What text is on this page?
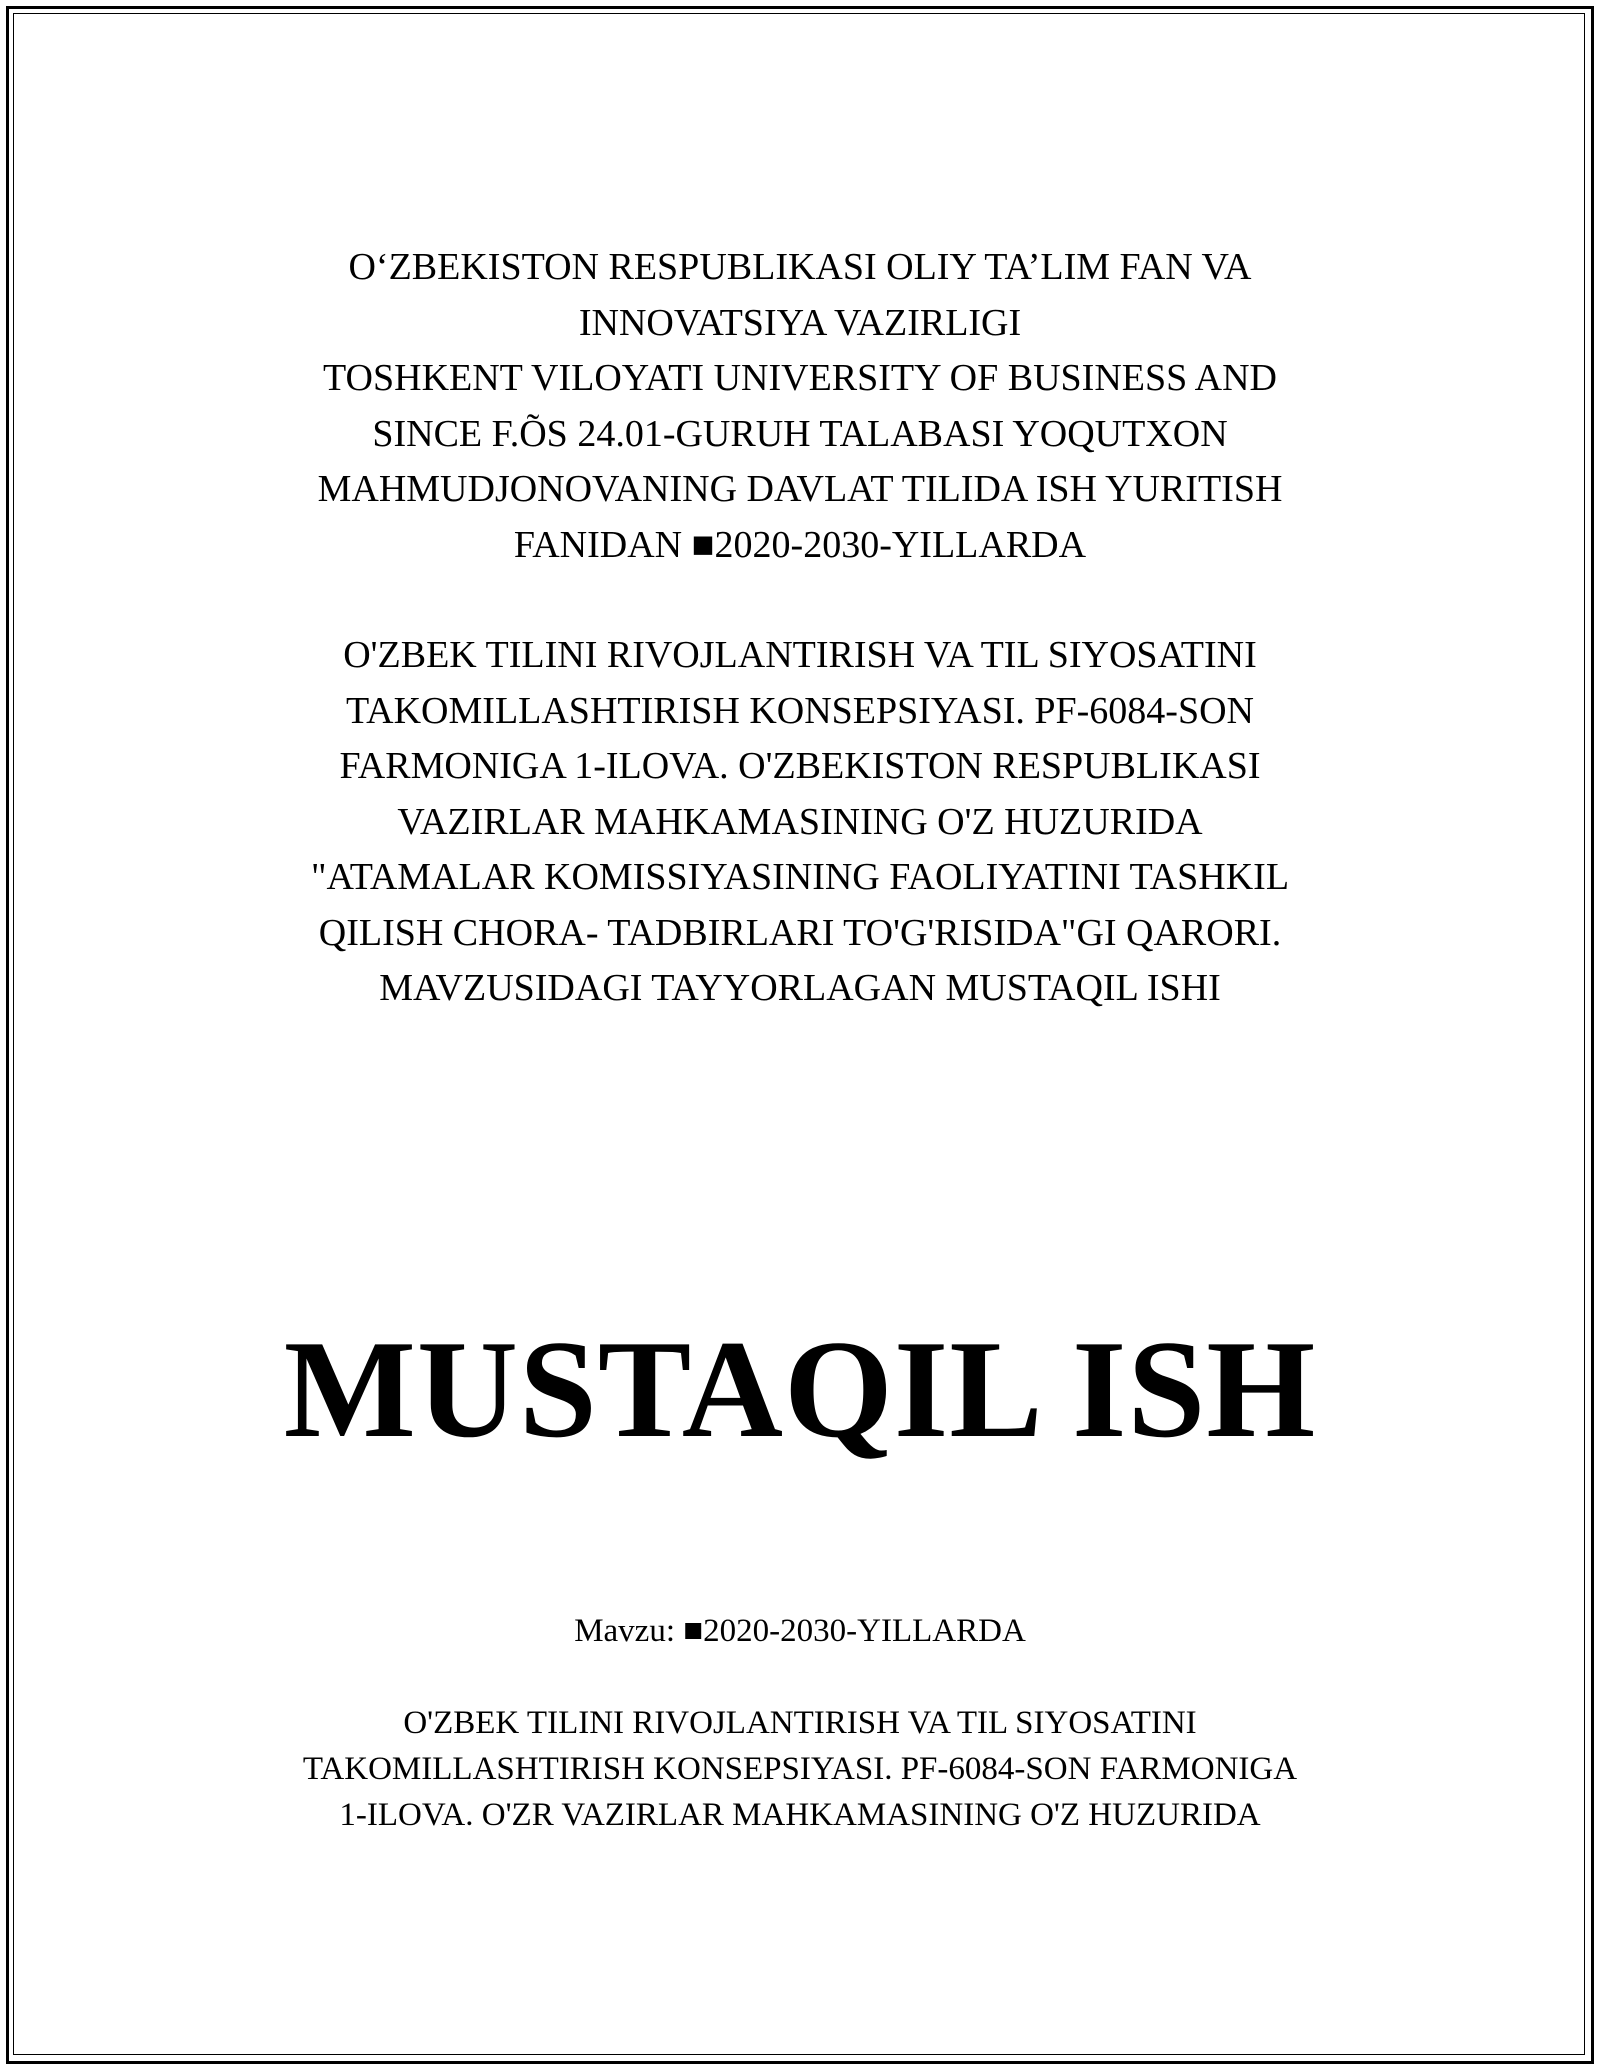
O‘ZBEKISTON RESPUBLIKASI OLIY TA’LIM FAN VA
INNOVATSIYA VAZIRLIGI
TOSHKENT VILOYATI UNIVERSITY OF BUSINESS AND
SINCE F.ÕS 24.01-GURUH TALABASI YOQUTXON
MAHMUDJONOVANING DAVLAT TILIDA ISH YURITISH
FANIDAN ■2020-2030-YILLARDA
O'ZBEK TILINI RIVOJLANTIRISH VA TIL SIYOSATINI
TAKOMILLASHTIRISH KONSEPSIYASI. PF-6084-SON
FARMONIGA 1-ILOVA. O'ZBEKISTON RESPUBLIKASI
VAZIRLAR MAHKAMASINING O'Z HUZURIDA
"ATAMALAR KOMISSIYASINING FAOLIYATINI TASHKIL
QILISH CHORA- TADBIRLARI TO'G'RISIDA"GI QARORI.
MAVZUSIDAGI TAYYORLAGAN MUSTAQIL ISHI
MUSTAQIL ISH
Mavzu: ■2020-2030-YILLARDA
O'ZBEK TILINI RIVOJLANTIRISH VA TIL SIYOSATINI
TAKOMILLASHTIRISH KONSEPSIYASI. PF-6084-SON FARMONIGA
1-ILOVA. O'ZR VAZIRLAR MAHKAMASINING O'Z HUZURIDA
